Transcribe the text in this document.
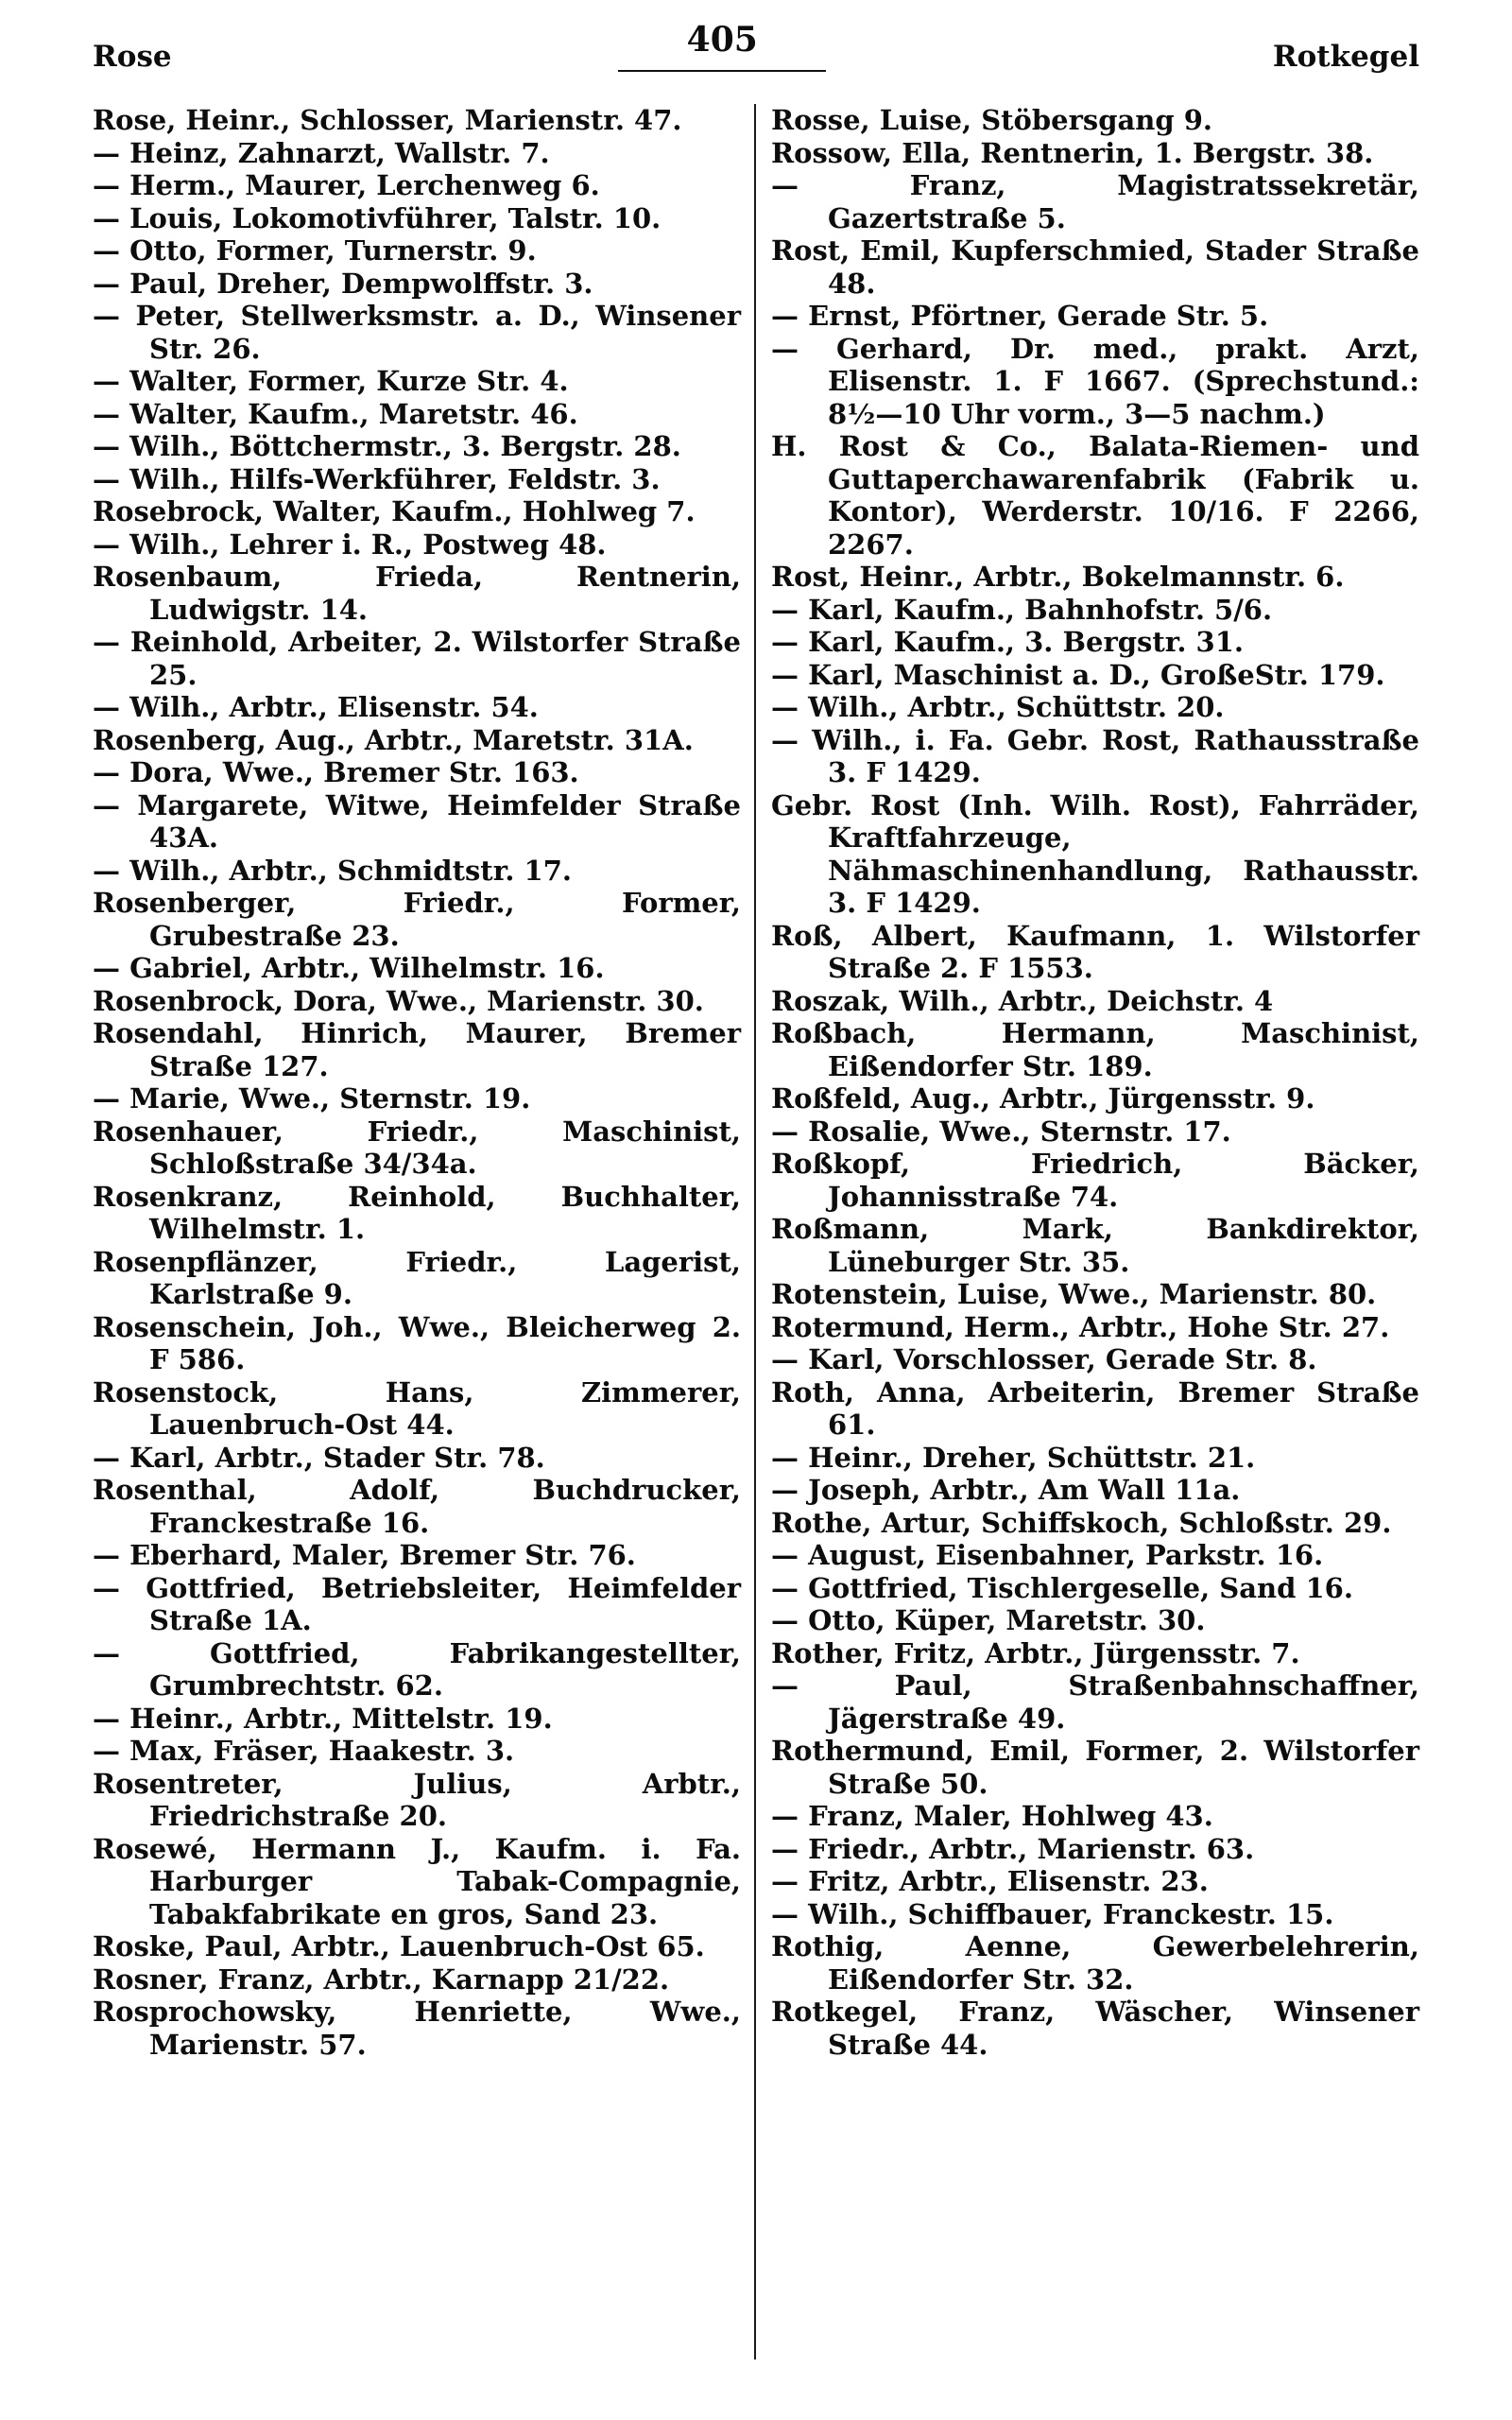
Rose	405	Rotkegel

Rose, Heinr., Schlosser, Marienstr. 47.

— Heinz, Zahnarzt, Wallstr. 7.

— Herm., Maurer, Lerchenweg 6.

— Louis, Lokomotivführer, Talstr. 10.

— Otto, Former, Turnerstr. 9.

— Paul, Dreher, Dempwolffstr. 3.

— Peter, Stellwerksmstr. a. D., Winsener Str. 26.

— Walter, Former, Kurze Str. 4.

— Walter, Kaufm., Maretstr. 46.

— Wilh., Böttchermstr., 3. Bergstr. 28.

— Wilh., Hilfs-Werkführer, Feldstr. 3.

Rosebrock, Walter, Kaufm., Hohlweg 7.

— Wilh., Lehrer i. R., Postweg 48.

Rosenbaum, Frieda, Rentnerin, Ludwigstr. 14.

— Reinhold, Arbeiter, 2. Wilstorfer Straße 25.

— Wilh., Arbtr., Elisenstr. 54.

Rosenberg, Aug., Arbtr., Maretstr. 31A.

— Dora, Wwe., Bremer Str. 163.

— Margarete, Witwe, Heimfelder Straße 43A.

— Wilh., Arbtr., Schmidtstr. 17.

Rosenberger, Friedr., Former, Grubestraße 23.

— Gabriel, Arbtr., Wilhelmstr. 16.

Rosenbrock, Dora, Wwe., Marienstr. 30.

Rosendahl, Hinrich, Maurer, Bremer Straße 127.

— Marie, Wwe., Sternstr. 19.

Rosenhauer, Friedr., Maschinist, Schloßstraße 34/34a.

Rosenkranz, Reinhold, Buchhalter, Wilhelmstr. 1.

Rosenpflänzer, Friedr., Lagerist, Karlstraße 9.

Rosenschein, Joh., Wwe., Bleicherweg 2. F 586.

Rosenstock, Hans, Zimmerer, Lauenbruch-Ost 44.

— Karl, Arbtr., Stader Str. 78.

Rosenthal, Adolf, Buchdrucker, Franckestraße 16.

— Eberhard, Maler, Bremer Str. 76.

— Gottfried, Betriebsleiter, Heimfelder Straße 1A.

— Gottfried, Fabrikangestellter, Grumbrechtstr. 62.

— Heinr., Arbtr., Mittelstr. 19.

— Max, Fräser, Haakestr. 3.

Rosentreter, Julius, Arbtr., Friedrichstraße 20.

Rosewé, Hermann J., Kaufm. i. Fa. Harburger Tabak-Compagnie, Tabakfabrikate en gros, Sand 23.

Roske, Paul, Arbtr., Lauenbruch-Ost 65.

Rosner, Franz, Arbtr., Karnapp 21/22.

Rosprochowsky, Henriette, Wwe., Marienstr. 57.

Rosse, Luise, Stöbersgang 9.

Rossow, Ella, Rentnerin, 1. Bergstr. 38.

— Franz, Magistratssekretär, Gazertstraße 5.

Rost, Emil, Kupferschmied, Stader Straße 48.

— Ernst, Pförtner, Gerade Str. 5.

— Gerhard, Dr. med., prakt. Arzt, Elisenstr. 1. F 1667. (Sprechstund.: 8½—10 Uhr vorm., 3—5 nachm.)

H. Rost & Co., Balata-Riemen- und Guttaperchawarenfabrik (Fabrik u. Kontor), Werderstr. 10/16. F 2266, 2267.

Rost, Heinr., Arbtr., Bokelmannstr. 6.

— Karl, Kaufm., Bahnhofstr. 5/6.

— Karl, Kaufm., 3. Bergstr. 31.

— Karl, Maschinist a. D., GroßeStr. 179.

— Wilh., Arbtr., Schüttstr. 20.

— Wilh., i. Fa. Gebr. Rost, Rathausstraße 3. F 1429.

Gebr. Rost (Inh. Wilh. Rost), Fahrräder, Kraftfahrzeuge, Nähmaschinenhandlung, Rathausstr. 3. F 1429.

Roß, Albert, Kaufmann, 1. Wilstorfer Straße 2. F 1553.

Roszak, Wilh., Arbtr., Deichstr. 4

Roßbach, Hermann, Maschinist, Eißendorfer Str. 189.

Roßfeld, Aug., Arbtr., Jürgensstr. 9.

— Rosalie, Wwe., Sternstr. 17.

Roßkopf, Friedrich, Bäcker, Johannisstraße 74.

Roßmann, Mark, Bankdirektor, Lüneburger Str. 35.

Rotenstein, Luise, Wwe., Marienstr. 80.

Rotermund, Herm., Arbtr., Hohe Str. 27.

— Karl, Vorschlosser, Gerade Str. 8.

Roth, Anna, Arbeiterin, Bremer Straße 61.

— Heinr., Dreher, Schüttstr. 21.

— Joseph, Arbtr., Am Wall 11a.

Rothe, Artur, Schiffskoch, Schloßstr. 29.

— August, Eisenbahner, Parkstr. 16.

— Gottfried, Tischlergeselle, Sand 16.

— Otto, Küper, Maretstr. 30.

Rother, Fritz, Arbtr., Jürgensstr. 7.

— Paul, Straßenbahnschaffner, Jägerstraße 49.

Rothermund, Emil, Former, 2. Wilstorfer Straße 50.

— Franz, Maler, Hohlweg 43.

— Friedr., Arbtr., Marienstr. 63.

— Fritz, Arbtr., Elisenstr. 23.

— Wilh., Schiffbauer, Franckestr. 15.

Rothig, Aenne, Gewerbelehrerin, Eißendorfer Str. 32.

Rotkegel, Franz, Wäscher, Winsener Straße 44.
